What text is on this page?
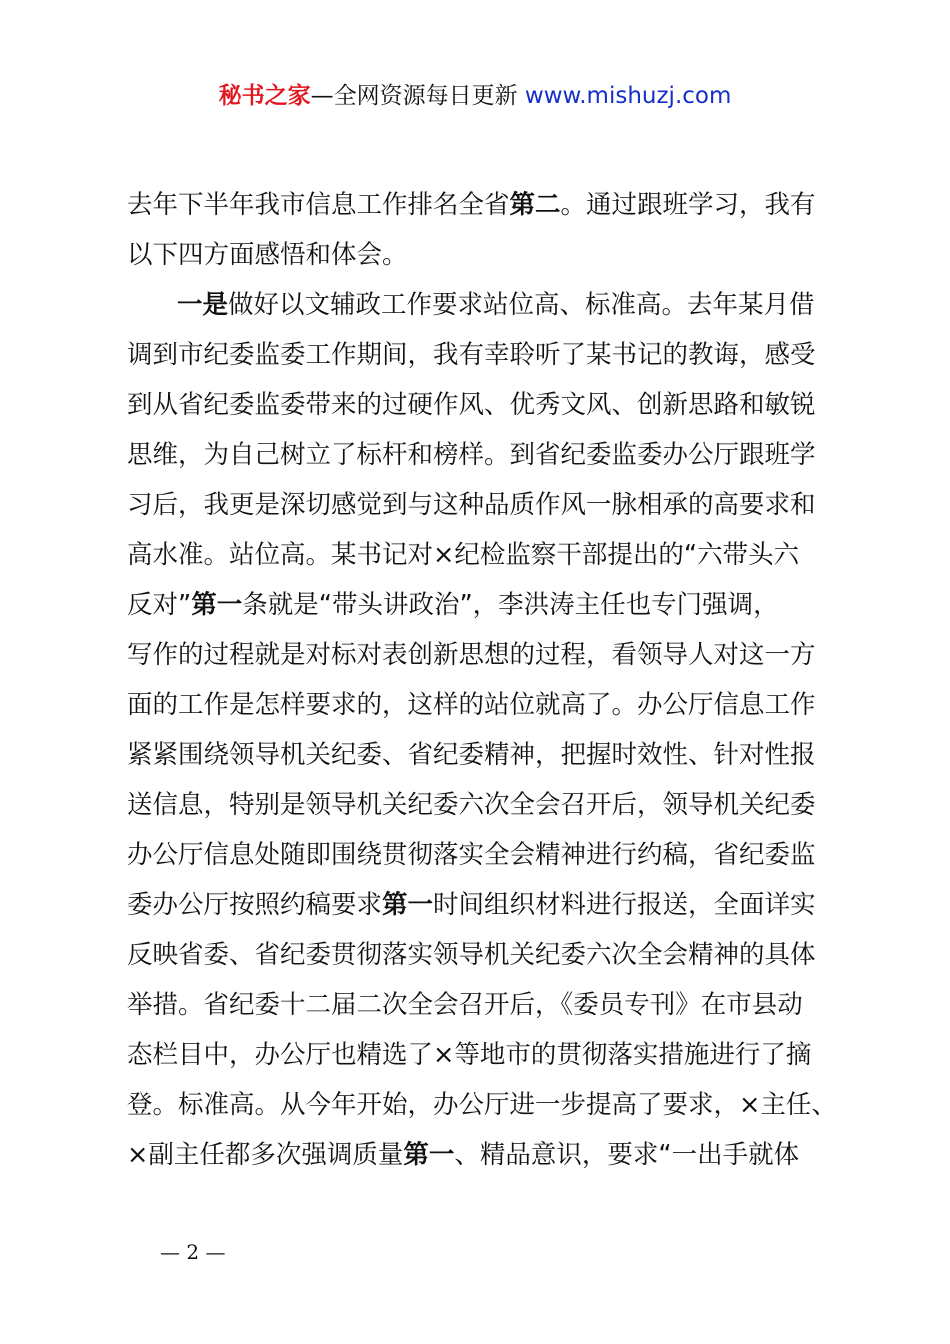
秘书之家—全网资源每日更新 www.mishuzj.com
去年下半年我市信息工作排名全省第二。通过跟班学习，我有
以下四方面感悟和体会。
一是做好以文辅政工作要求站位高、标准高。去年某月借
调到市纪委监委工作期间，我有幸聆听了某书记的教诲，感受
到从省纪委监委带来的过硬作风、优秀文风、创新思路和敏锐
思维，为自己树立了标杆和榜样。到省纪委监委办公厅跟班学
习后，我更是深切感觉到与这种品质作风一脉相承的高要求和
高水准。站位高。某书记对×纪检监察干部提出的“六带头六
反对”第一条就是“带头讲政治”，李洪涛主任也专门强调，
写作的过程就是对标对表创新思想的过程，看领导人对这一方
面的工作是怎样要求的，这样的站位就高了。办公厅信息工作
紧紧围绕领导机关纪委、省纪委精神，把握时效性、针对性报
送信息，特别是领导机关纪委六次全会召开后，领导机关纪委
办公厅信息处随即围绕贯彻落实全会精神进行约稿，省纪委监
委办公厅按照约稿要求第一时间组织材料进行报送，全面详实
反映省委、省纪委贯彻落实领导机关纪委六次全会精神的具体
举措。省纪委十二届二次全会召开后，《委员专刊》在市县动
态栏目中，办公厅也精选了×等地市的贯彻落实措施进行了摘
登。标准高。从今年开始，办公厅进一步提高了要求，×主任、
×副主任都多次强调质量第一、精品意识，要求“一出手就体
— 2 —
